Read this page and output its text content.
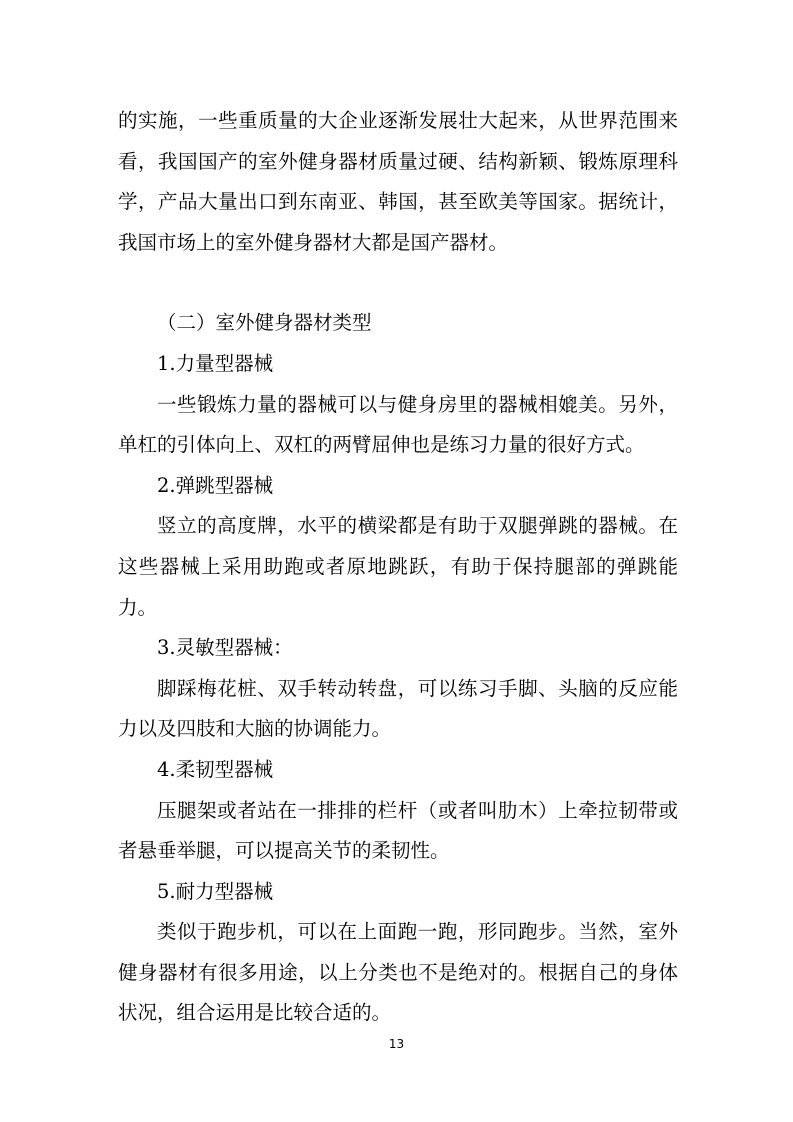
的实施，一些重质量的大企业逐渐发展壮大起来，从世界范围来看，我国国产的室外健身器材质量过硬、结构新颖、锻炼原理科学，产品大量出口到东南亚、韩国，甚至欧美等国家。据统计，我国市场上的室外健身器材大都是国产器材。

（二）室外健身器材类型

1.力量型器械

一些锻炼力量的器械可以与健身房里的器械相媲美。另外，单杠的引体向上、双杠的两臂屈伸也是练习力量的很好方式。

2.弹跳型器械

竖立的高度牌，水平的横梁都是有助于双腿弹跳的器械。在这些器械上采用助跑或者原地跳跃，有助于保持腿部的弹跳能力。

3.灵敏型器械：

脚踩梅花桩、双手转动转盘，可以练习手脚、头脑的反应能力以及四肢和大脑的协调能力。

4.柔韧型器械

压腿架或者站在一排排的栏杆（或者叫肋木）上牵拉韧带或者悬垂举腿，可以提高关节的柔韧性。

5.耐力型器械

类似于跑步机，可以在上面跑一跑，形同跑步。当然，室外健身器材有很多用途，以上分类也不是绝对的。根据自己的身体状况，组合运用是比较合适的。

13
